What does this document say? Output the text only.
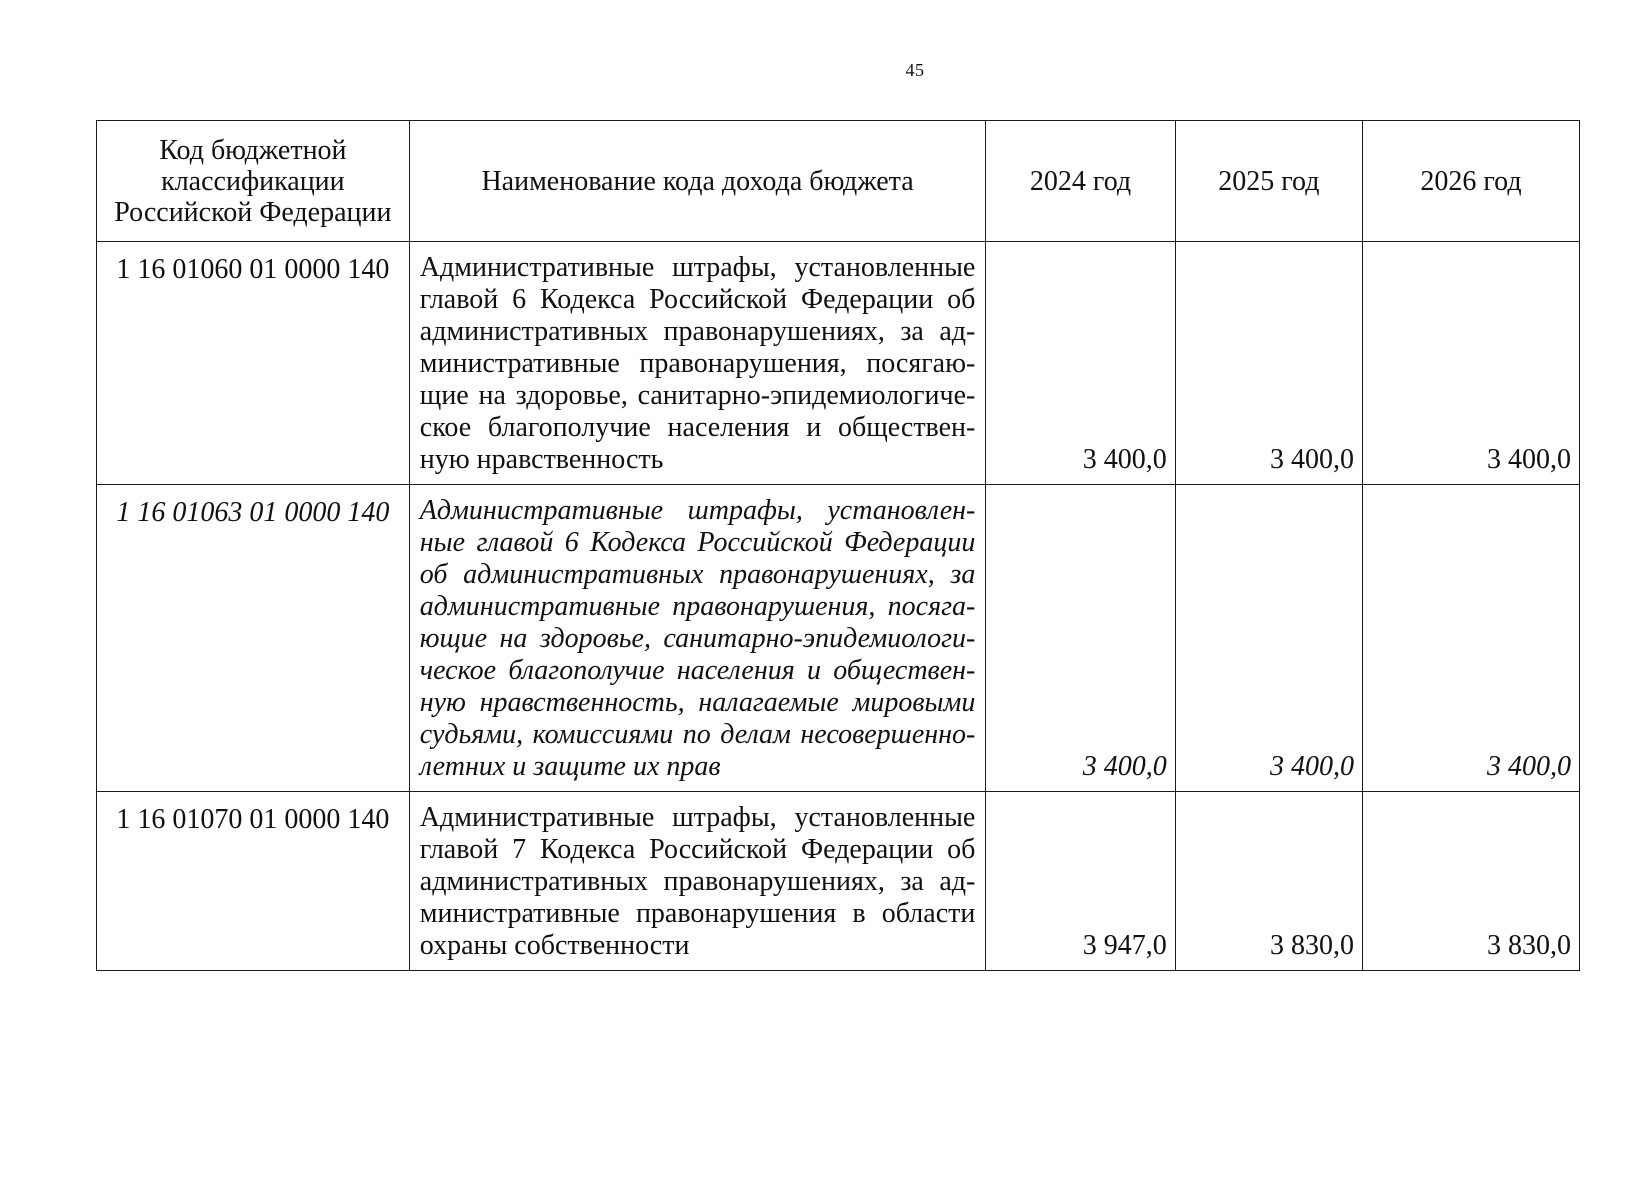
45
Код бюджетной классификации Российской Федерации	Наименование кода дохода бюджета	2024 год	2025 год	2026 год
1 16 01060 01 0000 140	Административные штрафы, установленные главой 6 Кодекса Российской Федерации об административных правонарушениях, за административные правонарушения, посягающие на здоровье, санитарно-эпидемиологическое благополучие населения и общественную нравственность	3 400,0	3 400,0	3 400,0
1 16 01063 01 0000 140	Административные штрафы, установленные главой 6 Кодекса Российской Федерации об административных правонарушениях, за административные правонарушения, посягающие на здоровье, санитарно-эпидемиологическое благополучие населения и общественную нравственность, налагаемые мировыми судьями, комиссиями по делам несовершеннолетних и защите их прав	3 400,0	3 400,0	3 400,0
1 16 01070 01 0000 140	Административные штрафы, установленные главой 7 Кодекса Российской Федерации об административных правонарушениях, за административные правонарушения в области охраны собственности	3 947,0	3 830,0	3 830,0
